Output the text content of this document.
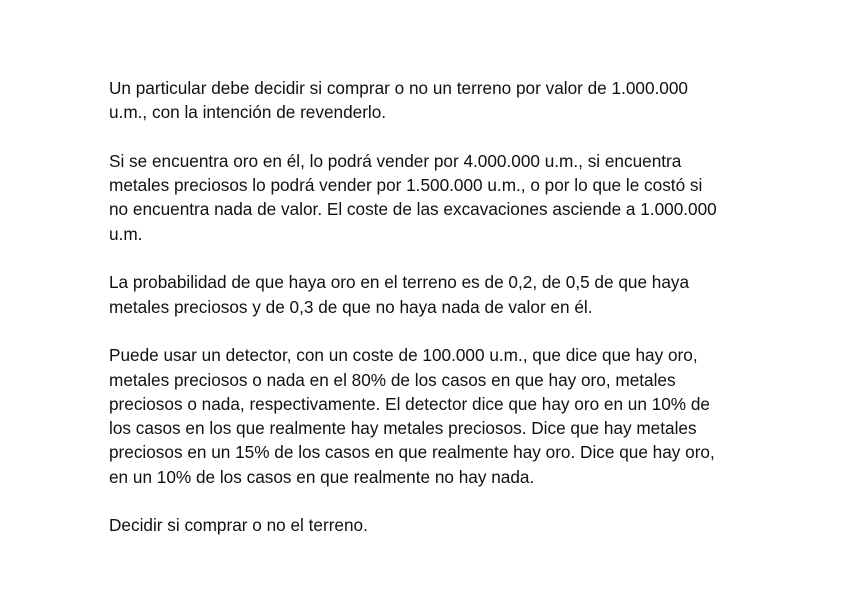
Un particular debe decidir si comprar o no un terreno por valor de 1.000.000
u.m., con la intención de revenderlo.

Si se encuentra oro en él, lo podrá vender por 4.000.000 u.m., si encuentra
metales preciosos lo podrá vender por 1.500.000 u.m., o por lo que le costó si
no encuentra nada de valor. El coste de las excavaciones asciende a 1.000.000
u.m.

La probabilidad de que haya oro en el terreno es de 0,2, de 0,5 de que haya
metales preciosos y de 0,3 de que no haya nada de valor en él.

Puede usar un detector, con un coste de 100.000 u.m., que dice que hay oro,
metales preciosos o nada en el 80% de los casos en que hay oro, metales
preciosos o nada, respectivamente. El detector dice que hay oro en un 10% de
los casos en los que realmente hay metales preciosos. Dice que hay metales
preciosos en un 15% de los casos en que realmente hay oro. Dice que hay oro,
en un 10% de los casos en que realmente no hay nada.

Decidir si comprar o no el terreno.
